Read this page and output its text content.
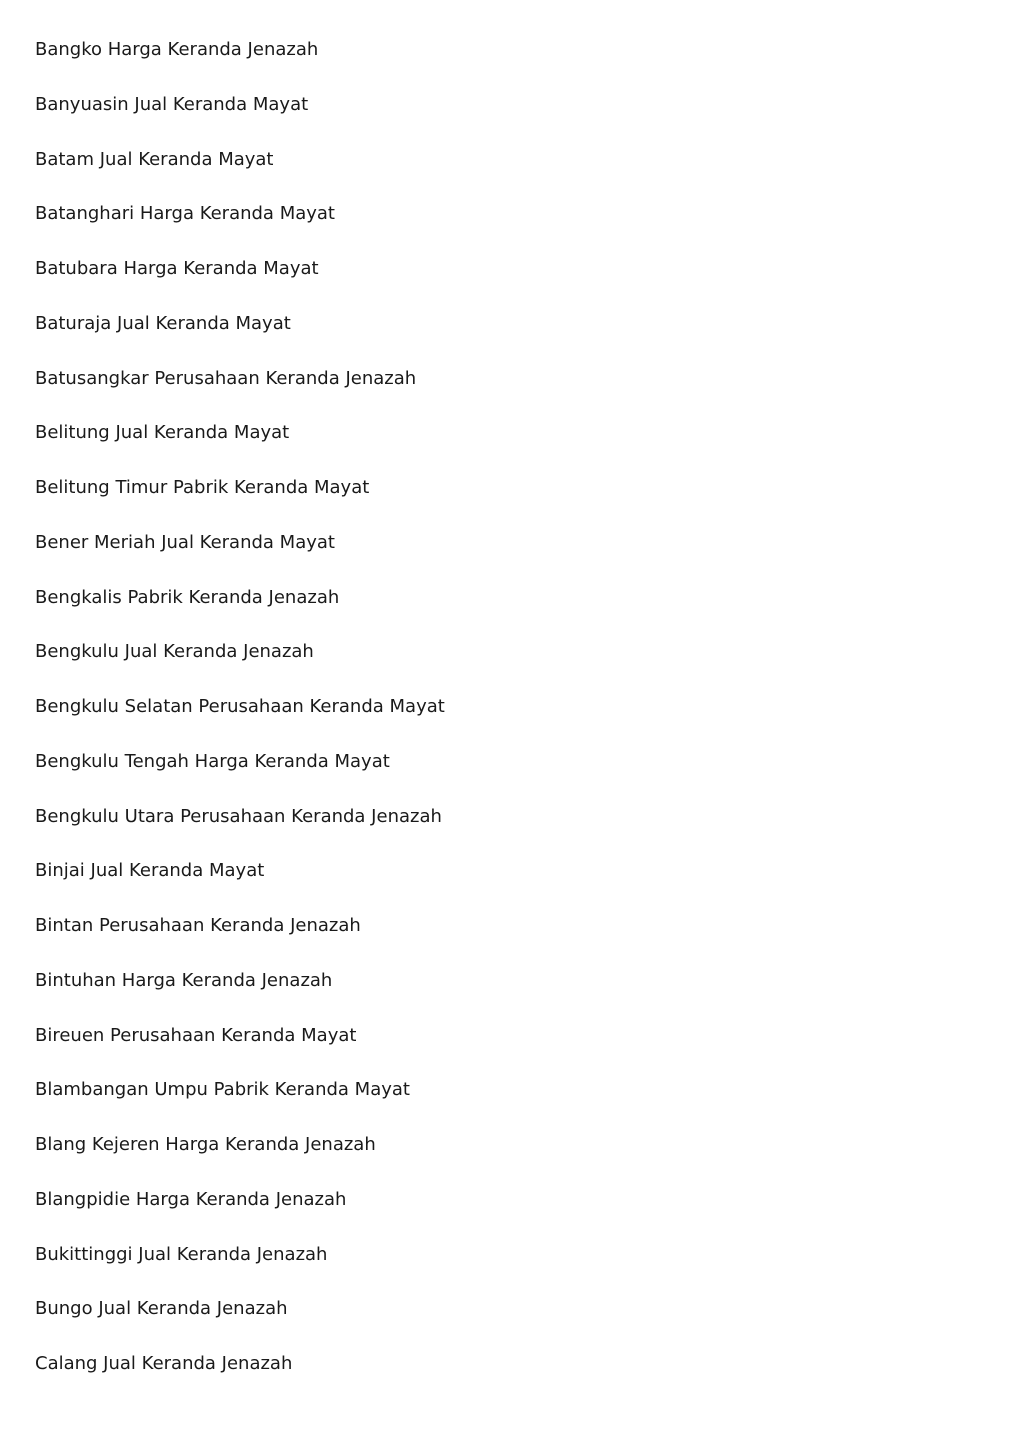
Bangko Harga Keranda Jenazah
Banyuasin Jual Keranda Mayat
Batam Jual Keranda Mayat
Batanghari Harga Keranda Mayat
Batubara Harga Keranda Mayat
Baturaja Jual Keranda Mayat
Batusangkar Perusahaan Keranda Jenazah
Belitung Jual Keranda Mayat
Belitung Timur Pabrik Keranda Mayat
Bener Meriah Jual Keranda Mayat
Bengkalis Pabrik Keranda Jenazah
Bengkulu Jual Keranda Jenazah
Bengkulu Selatan Perusahaan Keranda Mayat
Bengkulu Tengah Harga Keranda Mayat
Bengkulu Utara Perusahaan Keranda Jenazah
Binjai Jual Keranda Mayat
Bintan Perusahaan Keranda Jenazah
Bintuhan Harga Keranda Jenazah
Bireuen Perusahaan Keranda Mayat
Blambangan Umpu Pabrik Keranda Mayat
Blang Kejeren Harga Keranda Jenazah
Blangpidie Harga Keranda Jenazah
Bukittinggi Jual Keranda Jenazah
Bungo Jual Keranda Jenazah
Calang Jual Keranda Jenazah
